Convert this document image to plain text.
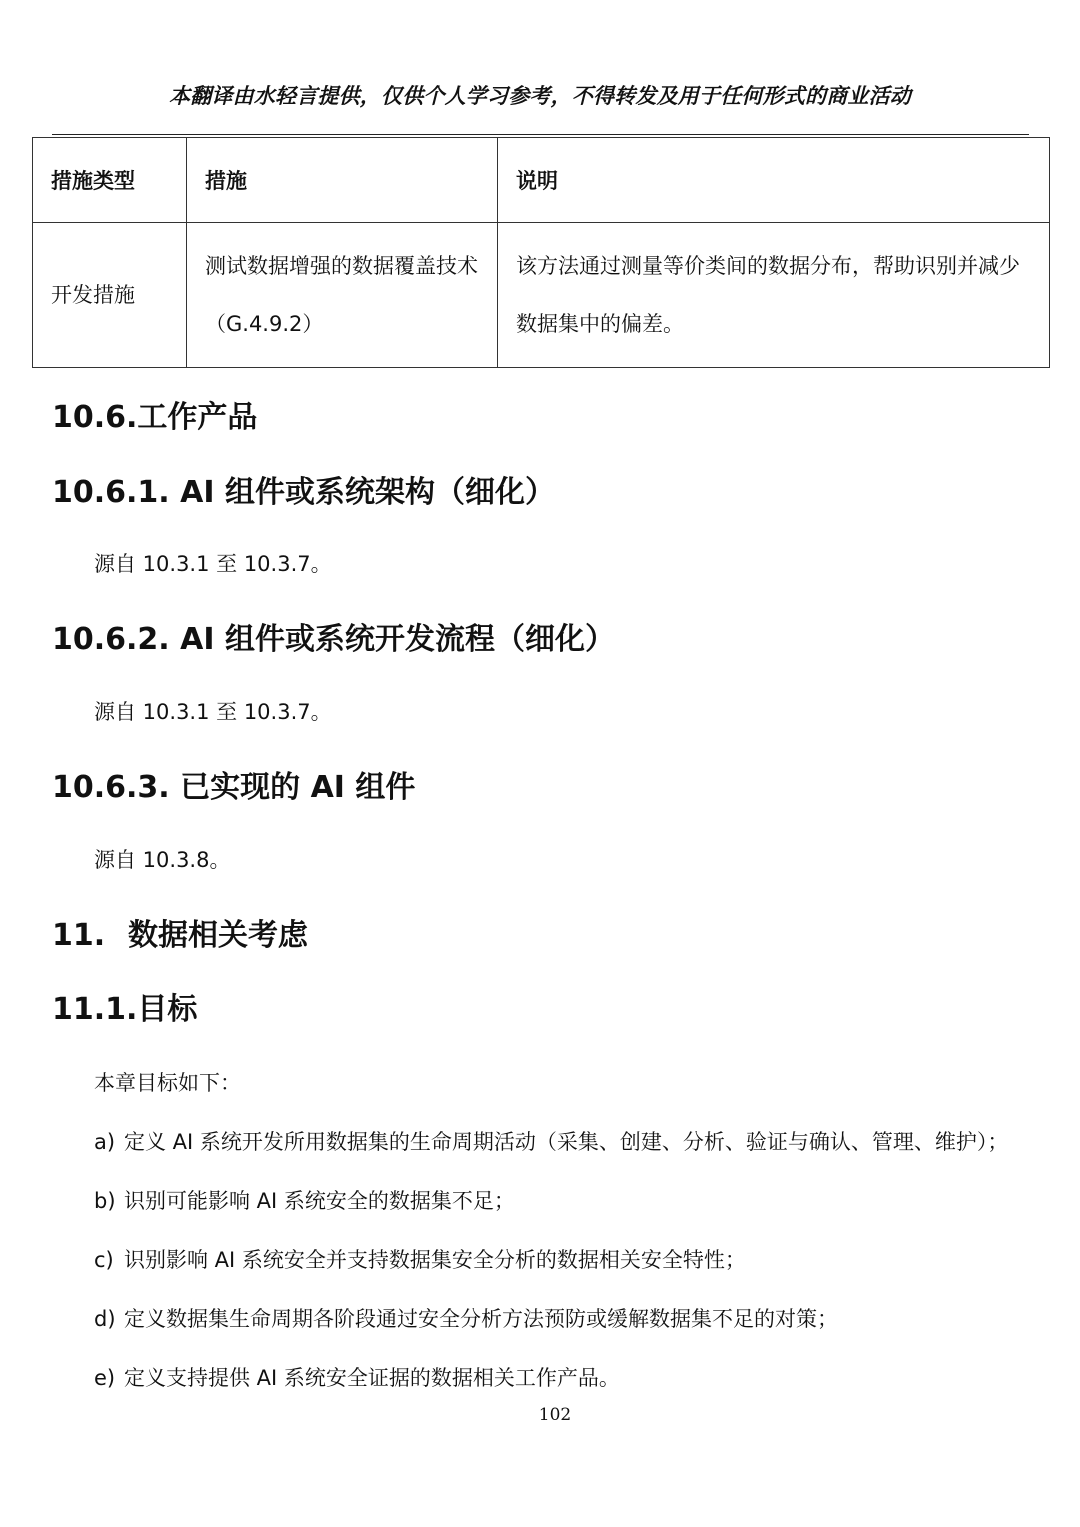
本翻译由水轻言提供，仅供个人学习参考，不得转发及用于任何形式的商业活动
措施类型	措施	说明
开发措施	测试数据增强的数据覆盖技术（G.4.9.2）	该方法通过测量等价类间的数据分布，帮助识别并减少数据集中的偏差。
10.6.工作产品
10.6.1. AI 组件或系统架构（细化）
源自 10.3.1 至 10.3.7。
10.6.2. AI 组件或系统开发流程（细化）
源自 10.3.1 至 10.3.7。
10.6.3. 已实现的 AI 组件
源自 10.3.8。
11. 数据相关考虑
11.1.目标
本章目标如下：
a) 定义 AI 系统开发所用数据集的生命周期活动（采集、创建、分析、验证与确认、管理、维护）；
b) 识别可能影响 AI 系统安全的数据集不足；
c) 识别影响 AI 系统安全并支持数据集安全分析的数据相关安全特性；
d) 定义数据集生命周期各阶段通过安全分析方法预防或缓解数据集不足的对策；
e) 定义支持提供 AI 系统安全证据的数据相关工作产品。
102
